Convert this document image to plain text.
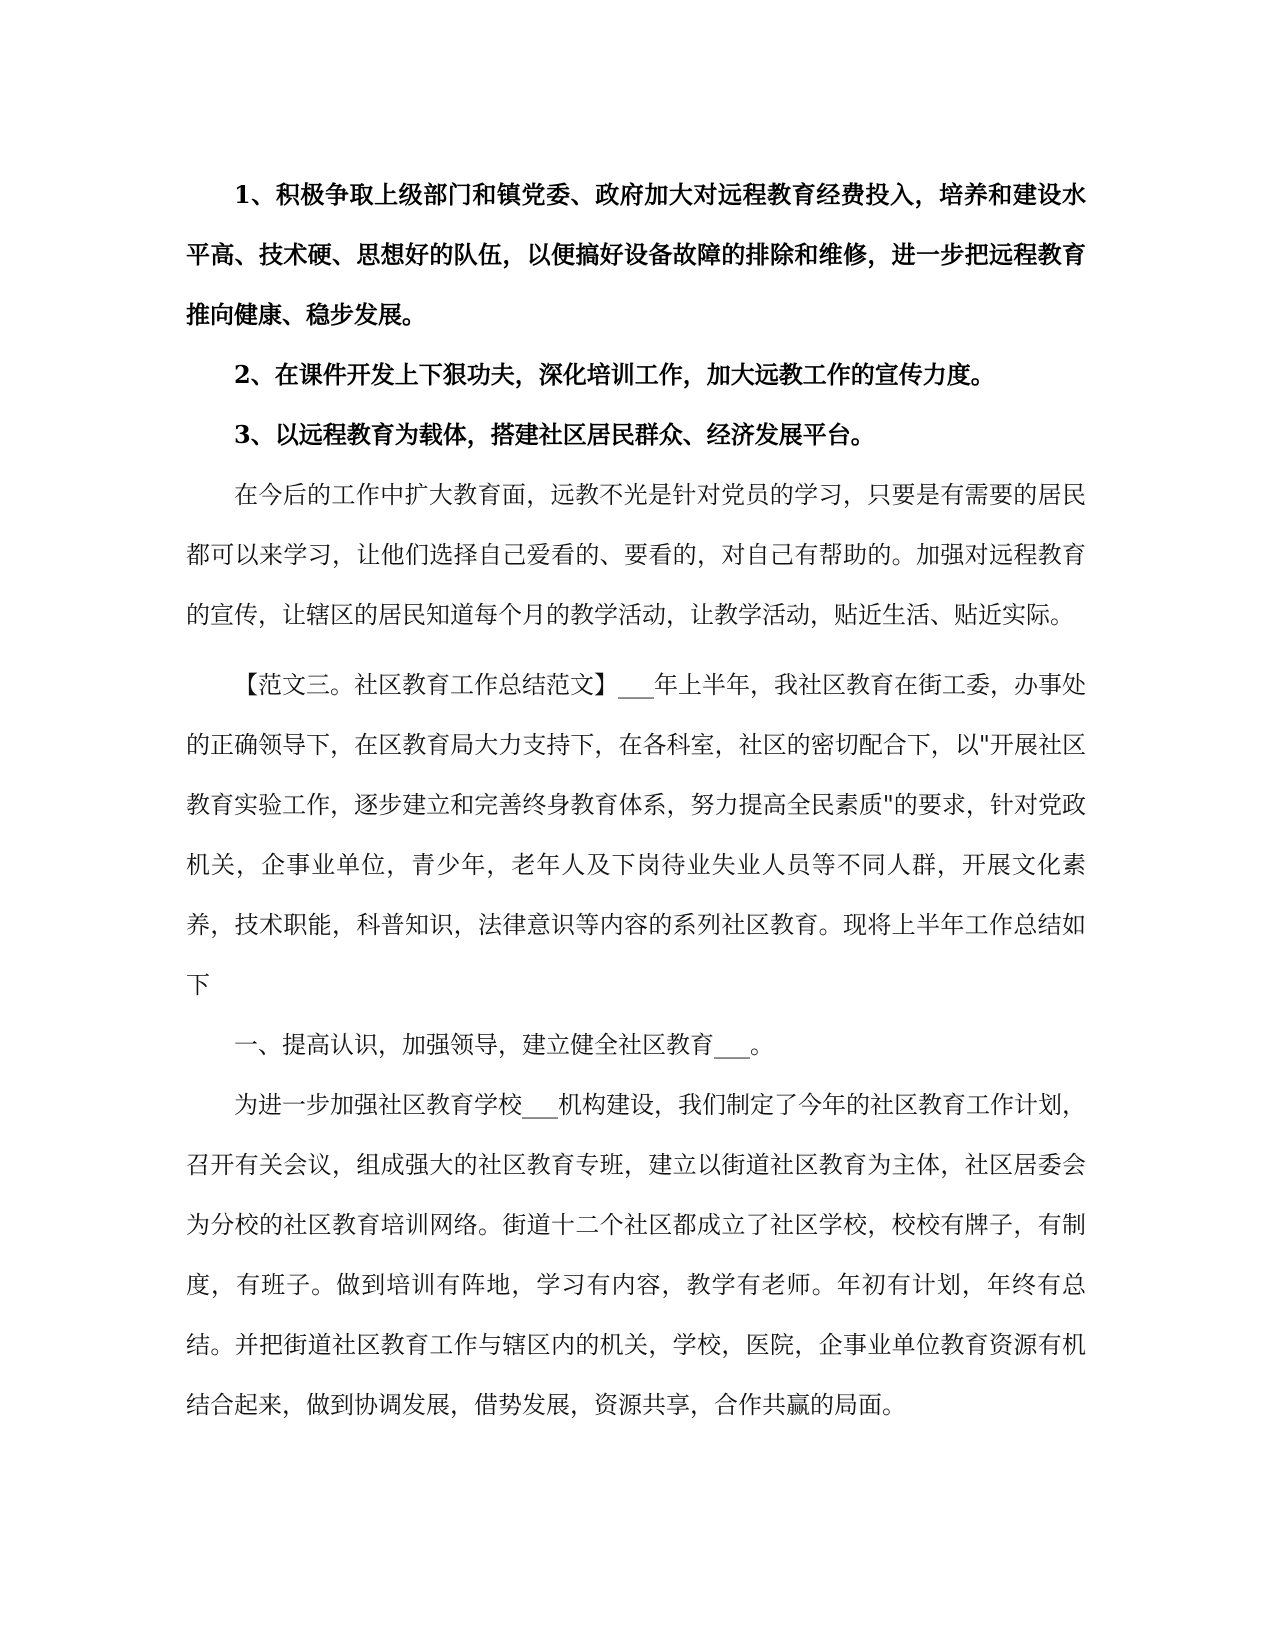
1、积极争取上级部门和镇党委、政府加大对远程教育经费投入，培养和建设水平高、技术硬、思想好的队伍，以便搞好设备故障的排除和维修，进一步把远程教育推向健康、稳步发展。

2、在课件开发上下狠功夫，深化培训工作，加大远教工作的宣传力度。

3、以远程教育为载体，搭建社区居民群众、经济发展平台。

在今后的工作中扩大教育面，远教不光是针对党员的学习，只要是有需要的居民都可以来学习，让他们选择自己爱看的、要看的，对自己有帮助的。加强对远程教育的宣传，让辖区的居民知道每个月的教学活动，让教学活动，贴近生活、贴近实际。

【范文三。社区教育工作总结范文】___年上半年，我社区教育在街工委，办事处的正确领导下，在区教育局大力支持下，在各科室，社区的密切配合下，以"开展社区教育实验工作，逐步建立和完善终身教育体系，努力提高全民素质"的要求，针对党政机关，企事业单位，青少年，老年人及下岗待业失业人员等不同人群，开展文化素养，技术职能，科普知识，法律意识等内容的系列社区教育。现将上半年工作总结如下

一、提高认识，加强领导，建立健全社区教育___。

为进一步加强社区教育学校___机构建设，我们制定了今年的社区教育工作计划，召开有关会议，组成强大的社区教育专班，建立以街道社区教育为主体，社区居委会为分校的社区教育培训网络。街道十二个社区都成立了社区学校，校校有牌子，有制度，有班子。做到培训有阵地，学习有内容，教学有老师。年初有计划，年终有总结。并把街道社区教育工作与辖区内的机关，学校，医院，企事业单位教育资源有机结合起来，做到协调发展，借势发展，资源共享，合作共赢的局面。
